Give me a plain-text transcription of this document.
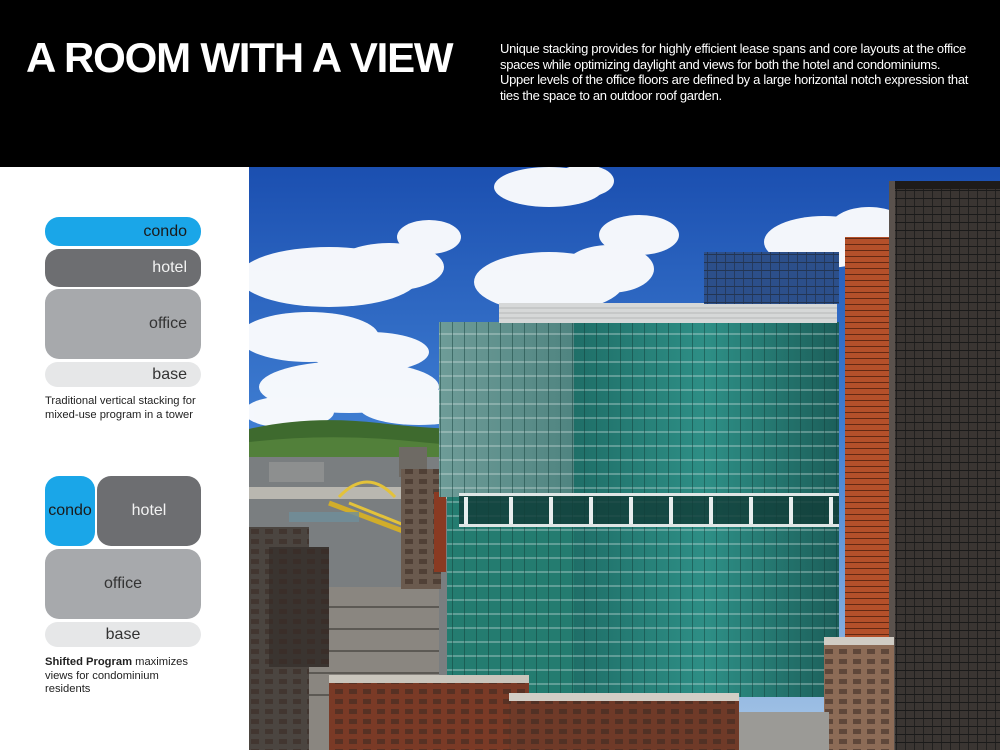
A ROOM WITH A VIEW	Unique stacking provides for highly efficient lease spans and core layouts at the office spaces while optimizing daylight and views for both the hotel and condominiums. Upper levels of the office floors are defined by a large horizontal notch expression that ties the space to an outdoor roof garden.

condo
hotel
office
base

Traditional vertical stacking for mixed-use program in a tower

condo	hotel
office
base

Shifted Program maximizes views for condominium residents
